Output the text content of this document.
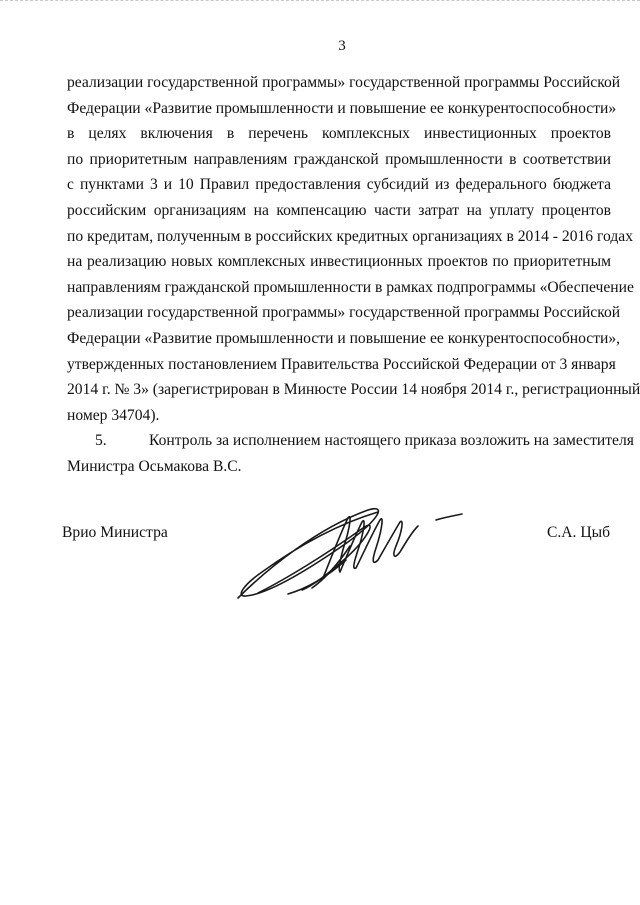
3
реализации государственной программы» государственной программы Российской
Федерации «Развитие промышленности и повышение ее конкурентоспособности»
в целях включения в перечень комплексных инвестиционных проектов
по приоритетным направлениям гражданской промышленности в соответствии
с пунктами 3 и 10 Правил предоставления субсидий из федерального бюджета
российским организациям на компенсацию части затрат на уплату процентов
по кредитам, полученным в российских кредитных организациях в 2014 - 2016 годах
на реализацию новых комплексных инвестиционных проектов по приоритетным
направлениям гражданской промышленности в рамках подпрограммы «Обеспечение
реализации государственной программы» государственной программы Российской
Федерации «Развитие промышленности и повышение ее конкурентоспособности»,
утвержденных постановлением Правительства Российской Федерации от 3 января
2014 г. № 3» (зарегистрирован в Минюсте России 14 ноября 2014 г., регистрационный
номер 34704).
5.	Контроль за исполнением настоящего приказа возложить на заместителя
Министра Осьмакова В.С.
Врио Министра	С.А. Цыб
